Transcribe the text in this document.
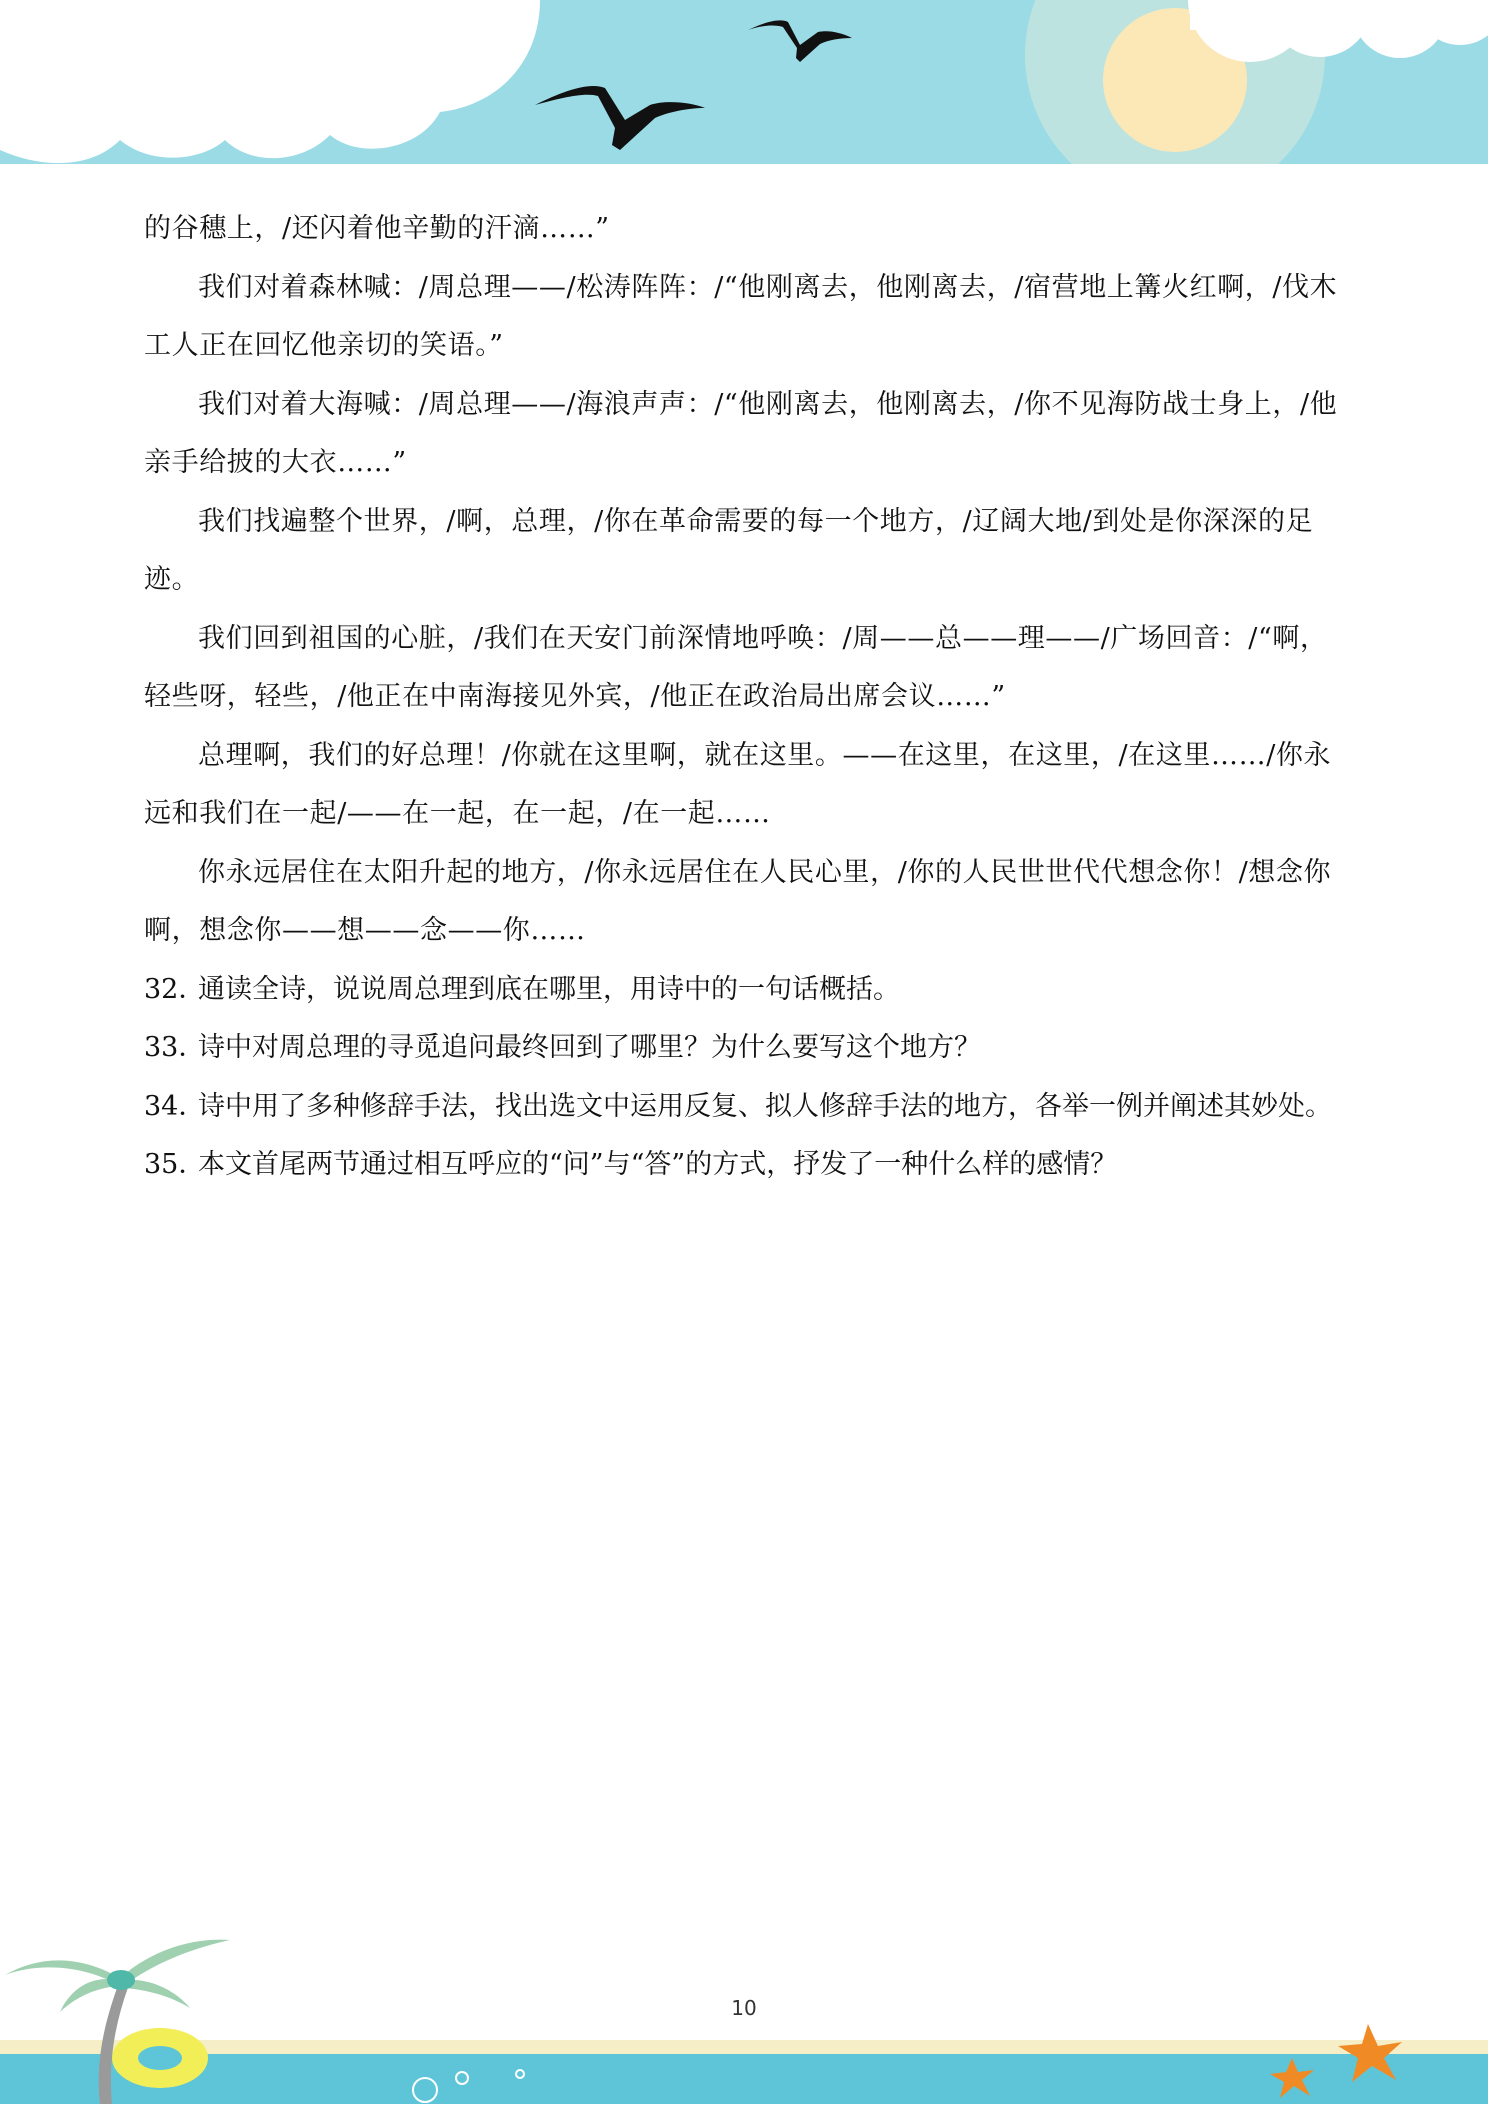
的谷穗上，/还闪着他辛勤的汗滴……”

我们对着森林喊：/周总理——/松涛阵阵：/“他刚离去，他刚离去，/宿营地上篝火红啊，/伐木工人正在回忆他亲切的笑语。”

我们对着大海喊：/周总理——/海浪声声：/“他刚离去，他刚离去，/你不见海防战士身上，/他亲手给披的大衣……”

我们找遍整个世界，/啊，总理，/你在革命需要的每一个地方，/辽阔大地/到处是你深深的足迹。

我们回到祖国的心脏，/我们在天安门前深情地呼唤：/周——总——理——/广场回音：/“啊，轻些呀，轻些，/他正在中南海接见外宾，/他正在政治局出席会议……”

总理啊，我们的好总理！/你就在这里啊，就在这里。——在这里，在这里，/在这里……/你永远和我们在一起/——在一起，在一起，/在一起……

你永远居住在太阳升起的地方，/你永远居住在人民心里，/你的人民世世代代想念你！/想念你啊，想念你——想——念——你……

32．通读全诗，说说周总理到底在哪里，用诗中的一句话概括。

33．诗中对周总理的寻觅追问最终回到了哪里？为什么要写这个地方？

34．诗中用了多种修辞手法，找出选文中运用反复、拟人修辞手法的地方，各举一例并阐述其妙处。

35．本文首尾两节通过相互呼应的“问”与“答”的方式，抒发了一种什么样的感情？

10
